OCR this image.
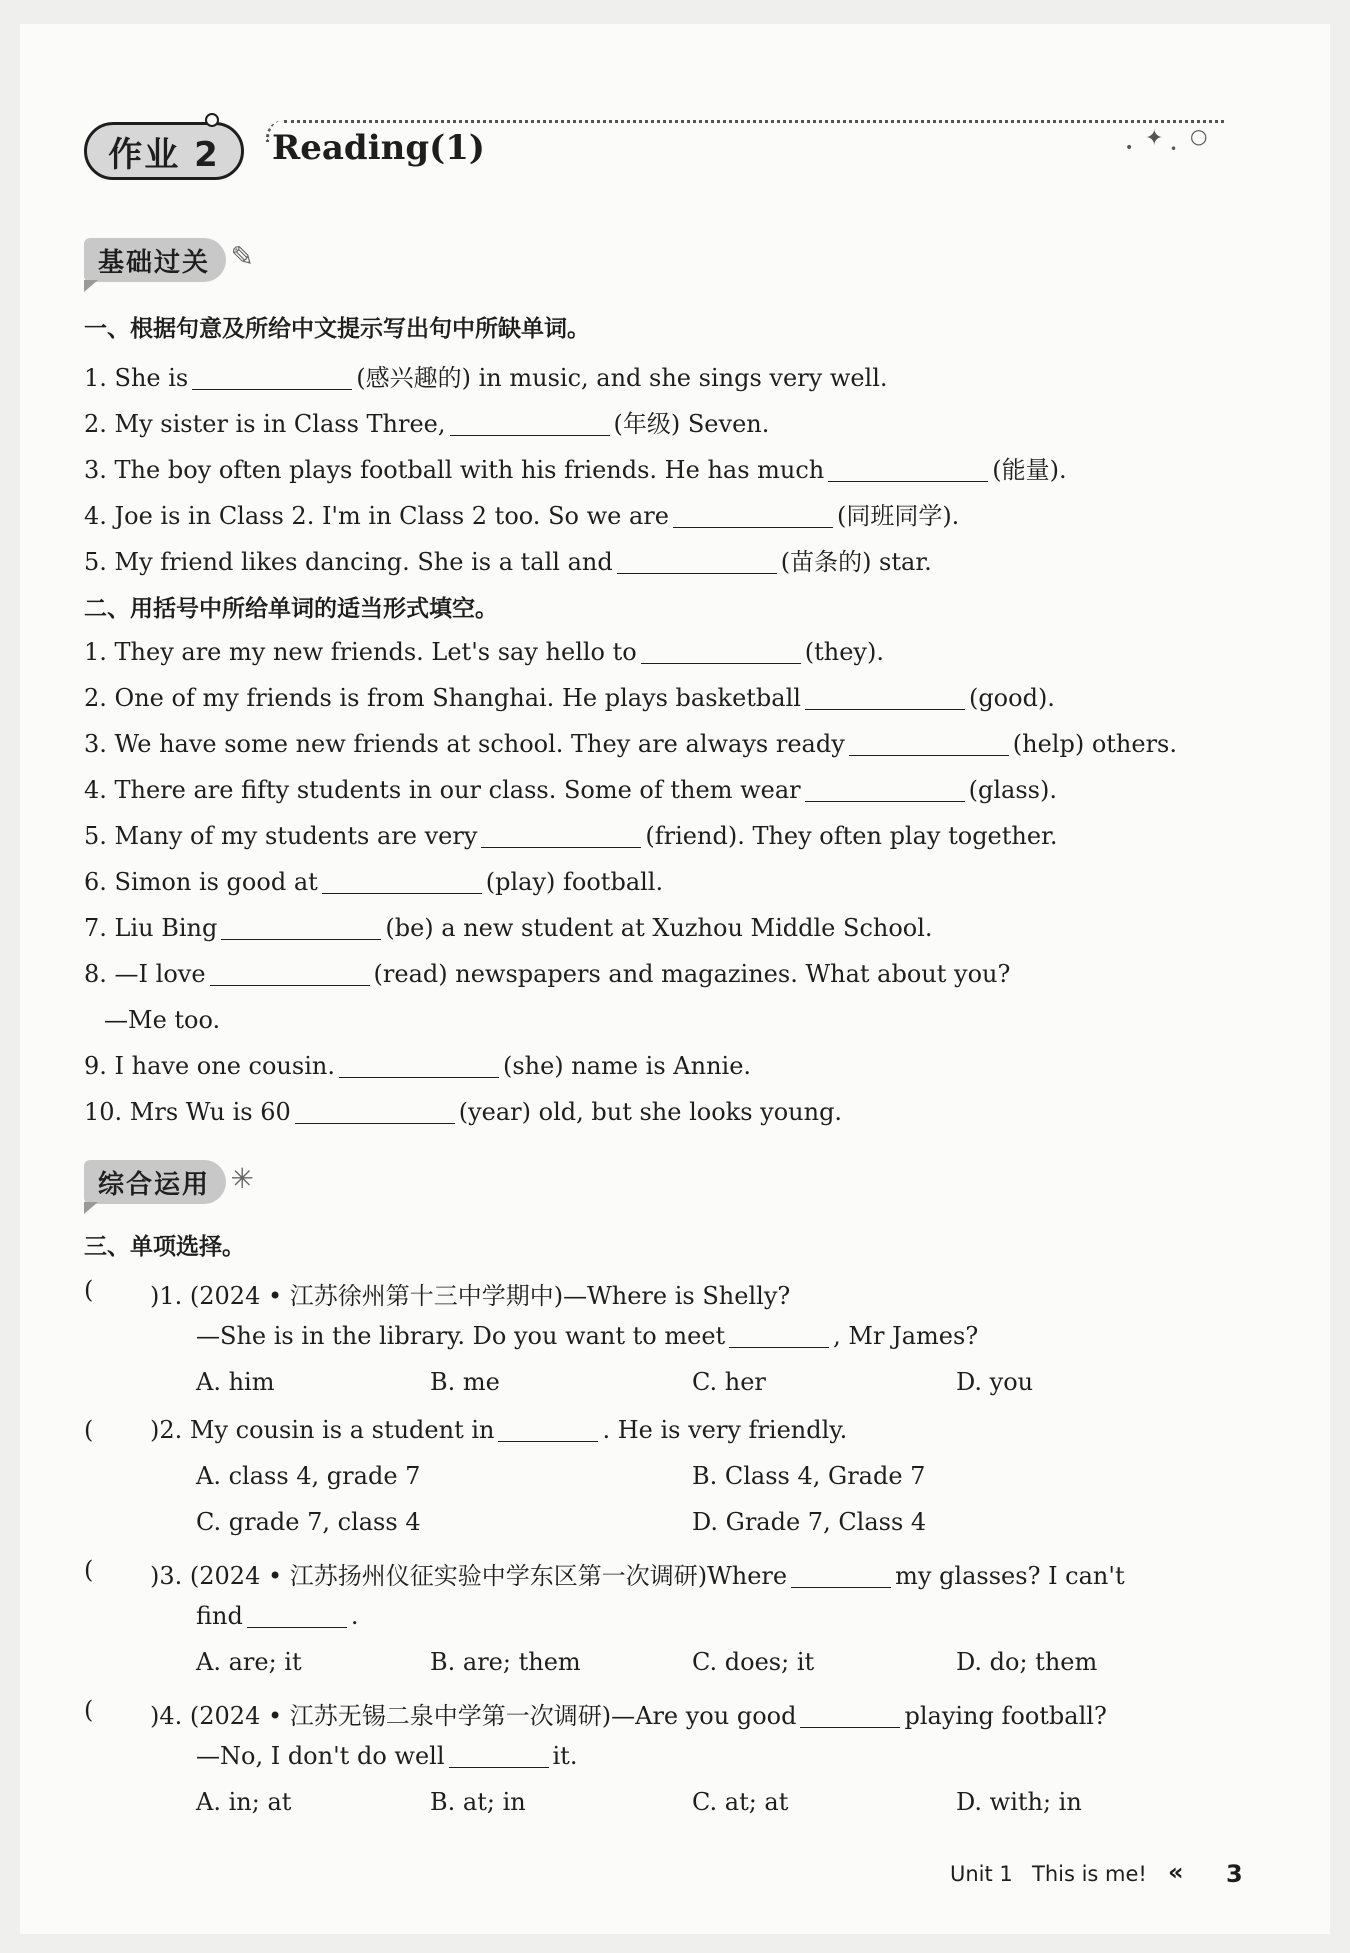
作业 2 Reading(1)	✦
•	•
○
基础过关 ✎
一、根据句意及所给中文提示写出句中所缺单词。
1. She is	(感兴趣的) in music, and she sings very well.
2. My sister is in Class Three,	(年级) Seven.
3. The boy often plays football with his friends. He has much	(能量).
4. Joe is in Class 2. I'm in Class 2 too. So we are	(同班同学).
5. My friend likes dancing. She is a tall and	(苗条的) star.
二、用括号中所给单词的适当形式填空。
1. They are my new friends. Let's say hello to	(they).
2. One of my friends is from Shanghai. He plays basketball	(good).
3. We have some new friends at school. They are always ready	(help) others.
4. There are fifty students in our class. Some of them wear	(glass).
5. Many of my students are very	(friend). They often play together.
6. Simon is good at	(play) football.
7. Liu Bing	(be) a new student at Xuzhou Middle School.
8. —I love	(read) newspapers and magazines. What about you?
—Me too.
9. I have one cousin.	(she) name is Annie.
10. Mrs Wu is 60	(year) old, but she looks young.
综合运用 ✳
三、单项选择。
( )1. (2024 • 江苏徐州第十三中学期中)—Where is Shelly?
—She is in the library. Do you want to meet	, Mr James?
A. him	B. me	C. her	D. you
( )2. My cousin is a student in	. He is very friendly.
A. class 4, grade 7	B. Class 4, Grade 7
C. grade 7, class 4	D. Grade 7, Class 4
( )3. (2024 • 江苏扬州仪征实验中学东区第一次调研)Where	my glasses? I can't
find	.
A. are; it	B. are; them	C. does; it	D. do; them
( )4. (2024 • 江苏无锡二泉中学第一次调研)—Are you good	playing football?
—No, I don't do well	it.
A. in; at	B. at; in	C. at; at	D. with; in
Unit 1 This is me! « 3
